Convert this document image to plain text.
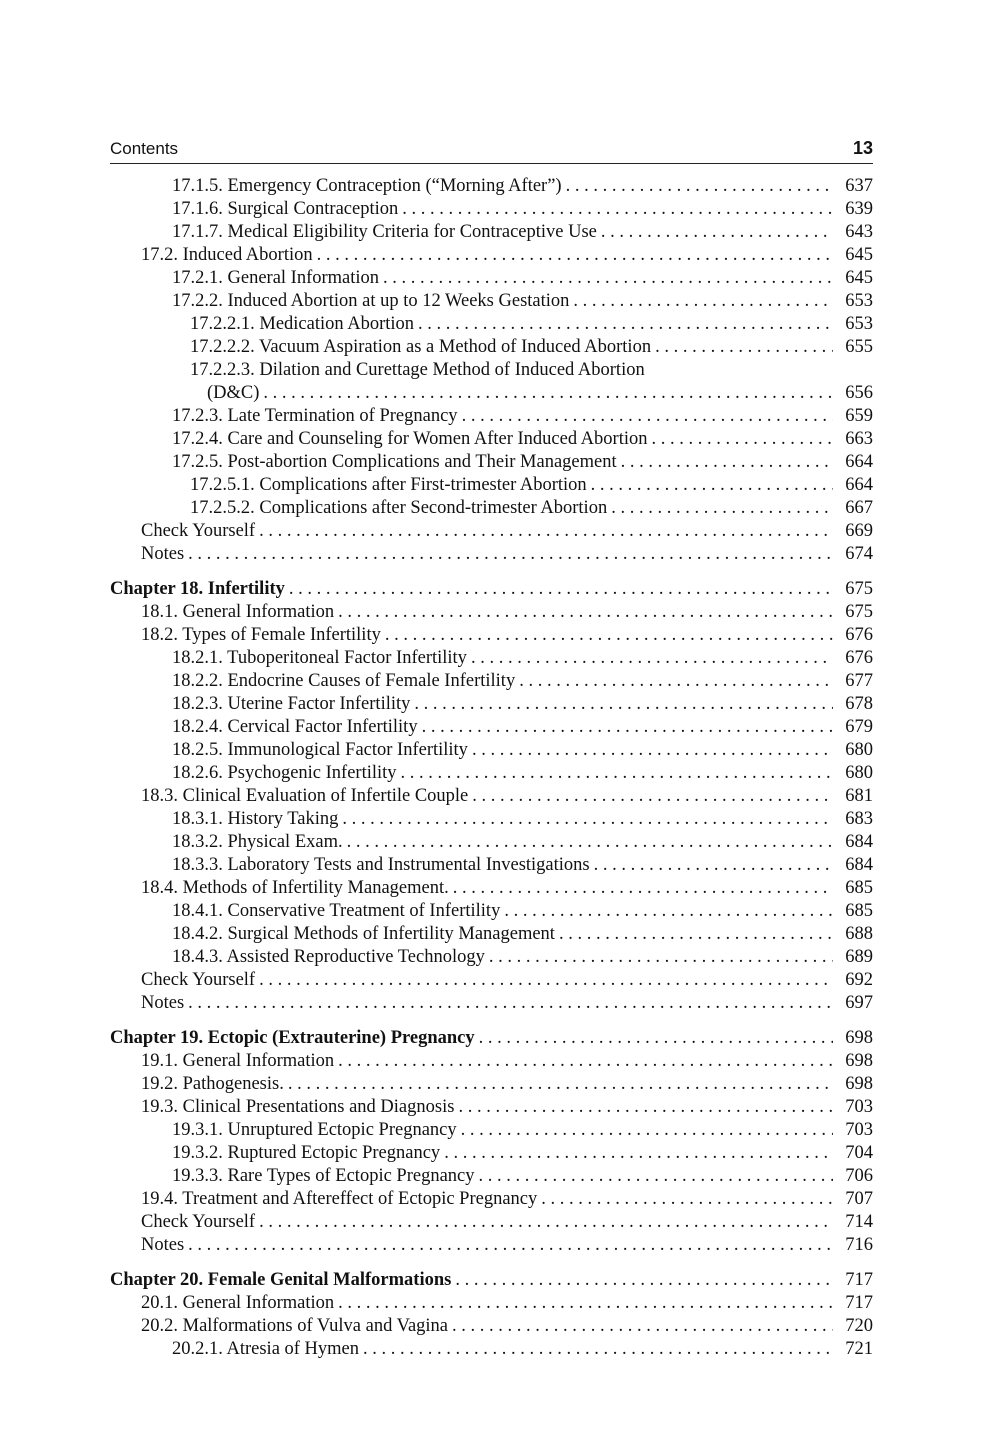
Contents	13
17.1.5. Emergency Contraception (“Morning After”) . . .	637
17.1.6. Surgical Contraception . . .	639
17.1.7. Medical Eligibility Criteria for Contraceptive Use . . .	643
17.2. Induced Abortion . . .	645
17.2.1. General Information . . .	645
17.2.2. Induced Abortion at up to 12 Weeks Gestation . . .	653
17.2.2.1. Medication Abortion . . .	653
17.2.2.2. Vacuum Aspiration as a Method of Induced Abortion . . .	655
17.2.2.3. Dilation and Curettage Method of Induced Abortion
(D&C) . . .	656
17.2.3. Late Termination of Pregnancy . . .	659
17.2.4. Care and Counseling for Women After Induced Abortion . . .	663
17.2.5. Post-abortion Complications and Their Management . . .	664
17.2.5.1. Complications after First-trimester Abortion . . .	664
17.2.5.2. Complications after Second-trimester Abortion . . .	667
Check Yourself . . .	669
Notes . . .	674
Chapter 18. Infertility . . .	675
18.1. General Information . . .	675
18.2. Types of Female Infertility . . .	676
18.2.1. Tuboperitoneal Factor Infertility . . .	676
18.2.2. Endocrine Causes of Female Infertility . . .	677
18.2.3. Uterine Factor Infertility . . .	678
18.2.4. Cervical Factor Infertility . . .	679
18.2.5. Immunological Factor Infertility . . .	680
18.2.6. Psychogenic Infertility . . .	680
18.3. Clinical Evaluation of Infertile Couple . . .	681
18.3.1. History Taking . . .	683
18.3.2. Physical Exam. . . .	684
18.3.3. Laboratory Tests and Instrumental Investigations . . .	684
18.4. Methods of Infertility Management. . . .	685
18.4.1. Conservative Treatment of Infertility . . .	685
18.4.2. Surgical Methods of Infertility Management . . .	688
18.4.3. Assisted Reproductive Technology . . .	689
Check Yourself . . .	692
Notes . . .	697
Chapter 19. Ectopic (Extrauterine) Pregnancy . . .	698
19.1. General Information . . .	698
19.2. Pathogenesis. . . .	698
19.3. Clinical Presentations and Diagnosis . . .	703
19.3.1. Unruptured Ectopic Pregnancy . . .	703
19.3.2. Ruptured Ectopic Pregnancy . . .	704
19.3.3. Rare Types of Ectopic Pregnancy . . .	706
19.4. Treatment and Aftereffect of Ectopic Pregnancy . . .	707
Check Yourself . . .	714
Notes . . .	716
Chapter 20. Female Genital Malformations . . .	717
20.1. General Information . . .	717
20.2. Malformations of Vulva and Vagina . . .	720
20.2.1. Atresia of Hymen . . .	721
